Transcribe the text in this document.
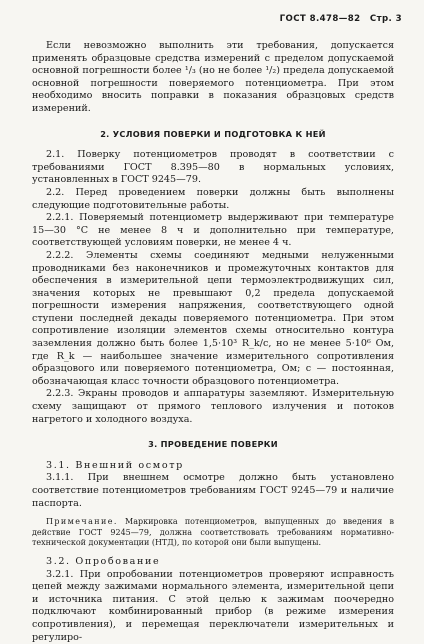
ГОСТ 8.478—82 Стр. 3

Если невозможно выполнить эти требования, допускается применять образцовые средства измерений с пределом допускаемой основной погрешности более ¹/₃ (но не более ¹/₂) предела допускаемой основной погрешности поверяемого потенциометра. При этом необходимо вносить поправки в показания образцовых средств измерений.

2. УСЛОВИЯ ПОВЕРКИ И ПОДГОТОВКА К НЕЙ

2.1. Поверку потенциометров проводят в соответствии с требованиями ГОСТ 8.395—80 в нормальных условиях, установленных в ГОСТ 9245—79.

2.2. Перед проведением поверки должны быть выполнены следующие подготовительные работы.

2.2.1. Поверяемый потенциометр выдерживают при температуре 15—30 °С не менее 8 ч и дополнительно при температуре, соответствующей условиям поверки, не менее 4 ч.

2.2.2. Элементы схемы соединяют медными нелуженными проводниками без наконечников и промежуточных контактов для обеспечения в измерительной цепи термоэлектродвижущих сил, значения которых не превышают 0,2 предела допускаемой погрешности измерения напряжения, соответствующего одной ступени последней декады поверяемого потенциометра. При этом сопротивление изоляции элементов схемы относительно контура заземления должно быть более 1,5·10³ R_k/c, но не менее 5·10⁶ Ом, где R_k — наибольшее значение измерительного сопротивления образцового или поверяемого потенциометра, Ом; c — постоянная, обозначающая класс точности образцового потенциометра.

2.2.3. Экраны проводов и аппаратуры заземляют. Измерительную схему защищают от прямого теплового излучения и потоков нагретого и холодного воздуха.

3. ПРОВЕДЕНИЕ ПОВЕРКИ

3.1. Внешний осмотр

3.1.1. При внешнем осмотре должно быть установлено соответствие потенциометров требованиям ГОСТ 9245—79 и наличие паспорта.

Примечание. Маркировка потенциометров, выпущенных до введения в действие ГОСТ 9245—79, должна соответствовать требованиям нормативно-технической документации (НТД), по которой они были выпущены.

3.2. Опробование

3.2.1. При опробовании потенциометров проверяют исправность цепей между зажимами нормального элемента, измерительной цепи и источника питания. С этой целью к зажимам поочередно подключают комбинированный прибор (в режиме измерения сопротивления), и перемещая переключатели измерительных и регулиро-
